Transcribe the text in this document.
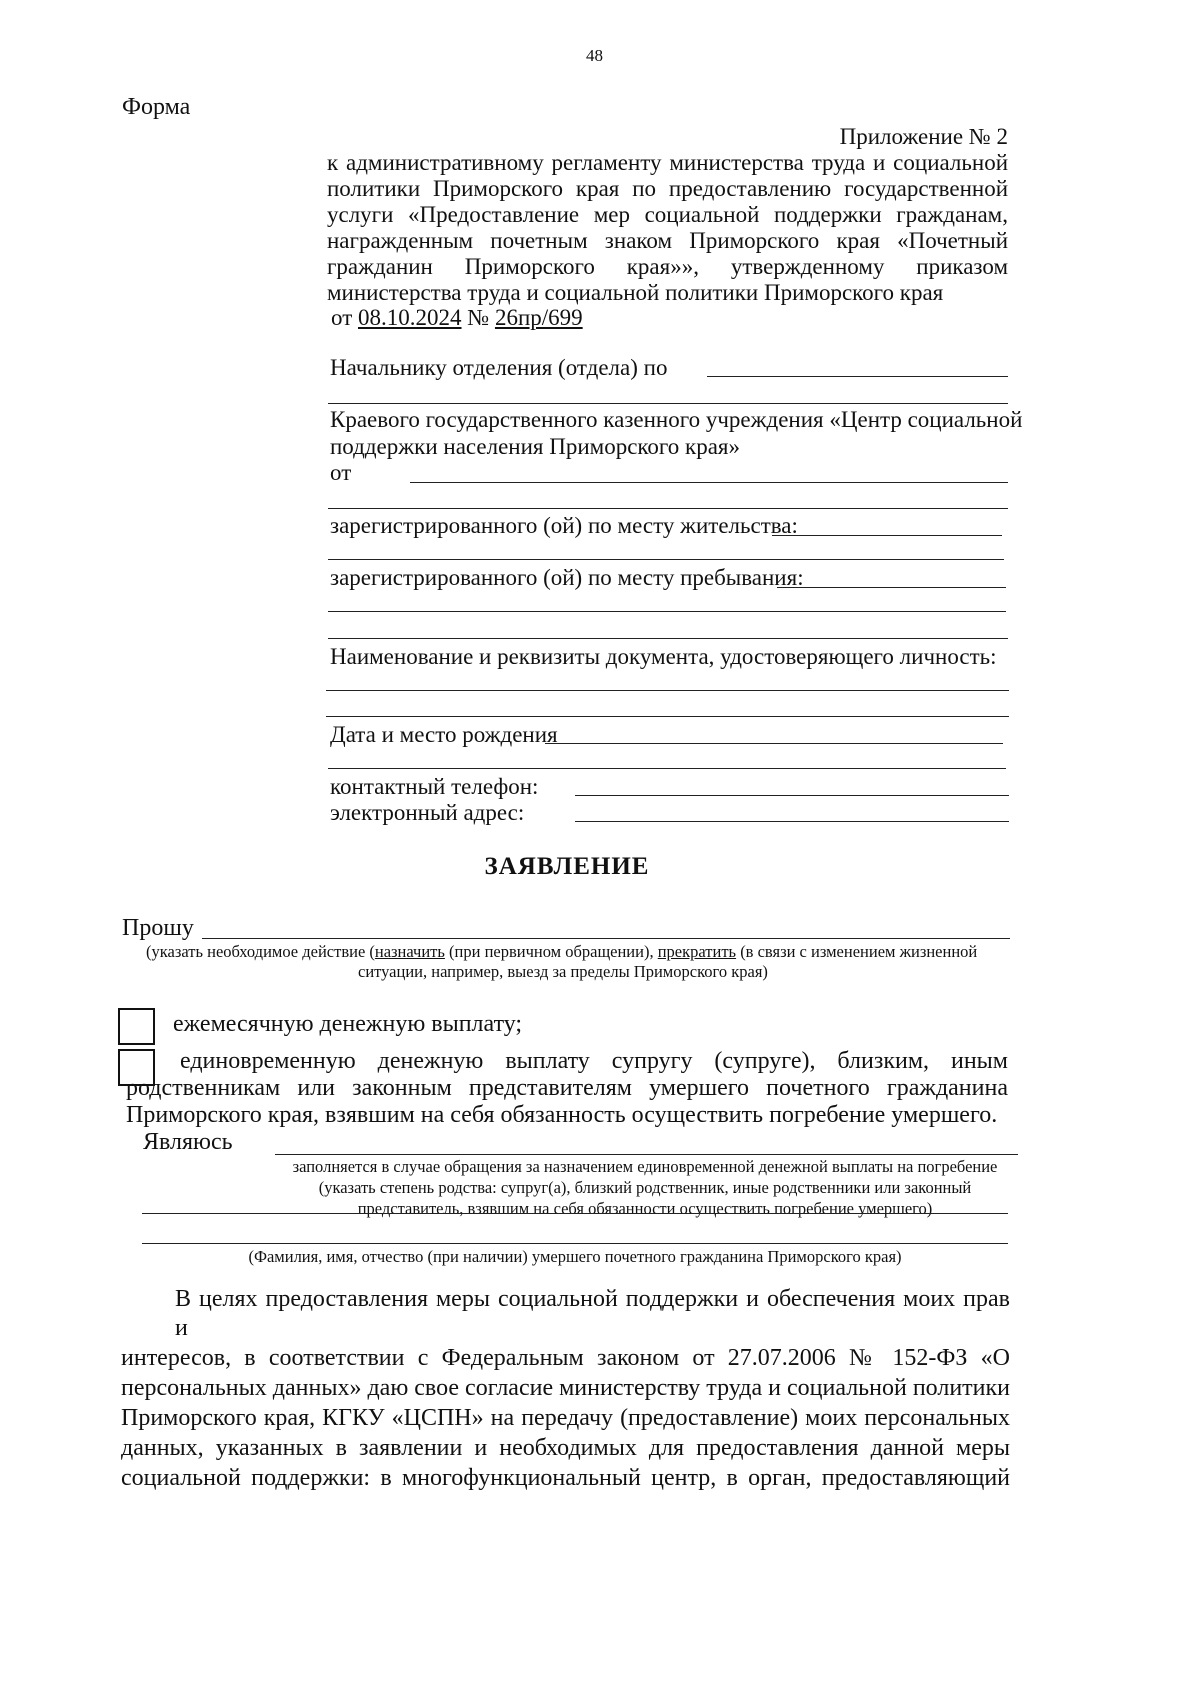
48
Форма
Приложение № 2
к административному регламенту министерства труда и социальной
политики Приморского края по предоставлению государственной
услуги «Предоставление мер социальной поддержки гражданам,
награжденным почетным знаком Приморского края «Почетный
гражданин Приморского края»», утвержденному приказом
министерства труда и социальной политики Приморского края
от 08.10.2024 № 26пр/699
Начальнику отделения (отдела) по
Краевого государственного казенного учреждения «Центр социальной
поддержки населения Приморского края»
от
зарегистрированного (ой) по месту жительства:
зарегистрированного (ой) по месту пребывания:
Наименование и реквизиты документа, удостоверяющего личность:
Дата и место рождения
контактный телефон:
электронный адрес:
ЗАЯВЛЕНИЕ
Прошу
(указать необходимое действие (назначить (при первичном обращении), прекратить (в связи с изменением жизненной
ситуации, например, выезд за пределы Приморского края)
ежемесячную денежную выплату;
единовременную денежную выплату супругу (супруге), близким, иным
родственникам или законным представителям умершего почетного гражданина
Приморского края, взявшим на себя обязанность осуществить погребение умершего.
Являюсь
заполняется в случае обращения за назначением единовременной денежной выплаты на погребение
(указать степень родства: супруг(а), близкий родственник, иные родственники или законный
представитель, взявшим на себя обязанности осуществить погребение умершего)
(Фамилия, имя, отчество (при наличии) умершего почетного гражданина Приморского края)
В целях предоставления меры социальной поддержки и обеспечения моих прав и
интересов, в соответствии с Федеральным законом от 27.07.2006 № 152-ФЗ «О
персональных данных» даю свое согласие министерству труда и социальной политики
Приморского края, КГКУ «ЦСПН» на передачу (предоставление) моих персональных
данных, указанных в заявлении и необходимых для предоставления данной меры
социальной поддержки: в многофункциональный центр, в орган, предоставляющий
